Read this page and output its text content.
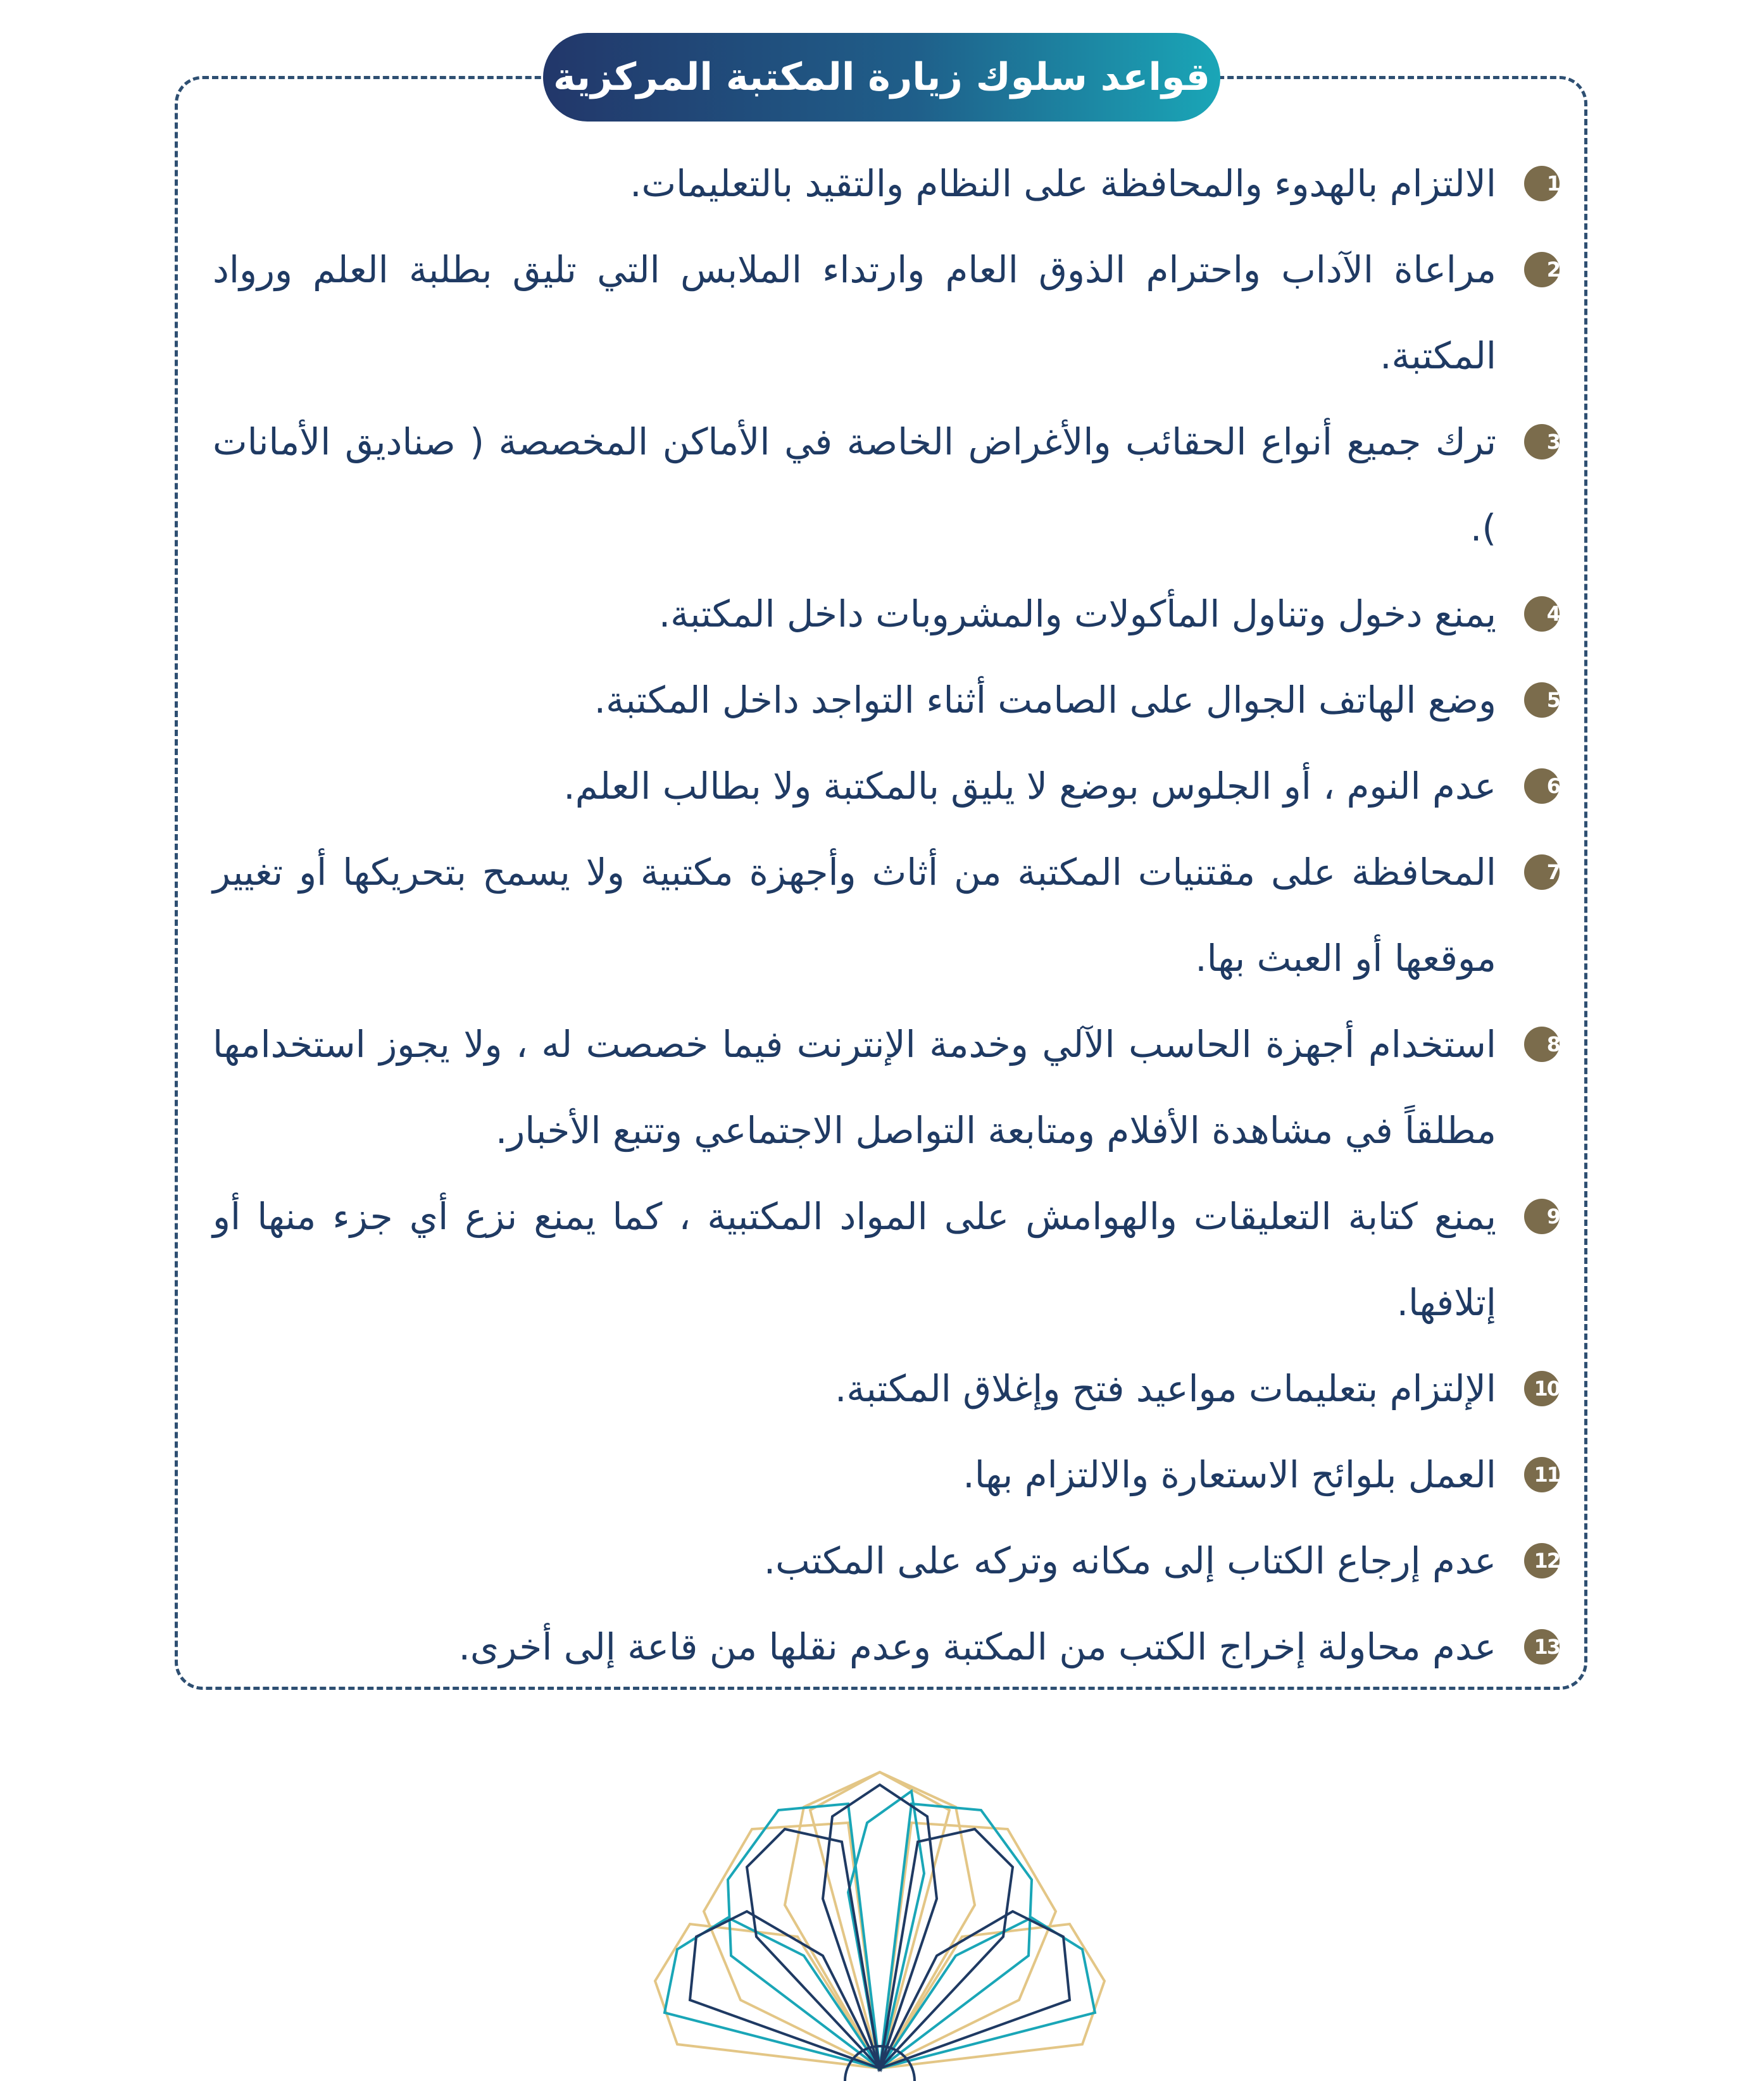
قواعد سلوك زيارة المكتبة المركزية
1
الالتزام بالهدوء والمحافظة على النظام والتقيد بالتعليمات.
2
مراعاة الآداب واحترام الذوق العام وارتداء الملابس التي تليق بطلبة العلم ورواد المكتبة.
3
ترك جميع أنواع الحقائب والأغراض الخاصة في الأماكن المخصصة ( صناديق الأمانات ).
4
يمنع دخول وتناول المأكولات والمشروبات داخل المكتبة.
5
وضع الهاتف الجوال على الصامت أثناء التواجد داخل المكتبة.
6
عدم النوم ، أو الجلوس بوضع لا يليق بالمكتبة ولا بطالب العلم.
7
المحافظة على مقتنيات المكتبة من أثاث وأجهزة مكتبية ولا يسمح بتحريكها أو تغيير موقعها أو العبث بها.
8
استخدام أجهزة الحاسب الآلي وخدمة الإنترنت فيما خصصت له ، ولا يجوز استخدامها مطلقاً في مشاهدة الأفلام ومتابعة التواصل الاجتماعي وتتبع الأخبار.
9
يمنع كتابة التعليقات والهوامش على المواد المكتبية ، كما يمنع نزع أي جزء منها أو إتلافها.
10
الإلتزام بتعليمات مواعيد فتح وإغلاق المكتبة.
11
العمل بلوائح الاستعارة والالتزام بها.
12
عدم إرجاع الكتاب إلى مكانه وتركه على المكتب.
13
عدم محاولة إخراج الكتب من المكتبة وعدم نقلها من قاعة إلى أخرى.
